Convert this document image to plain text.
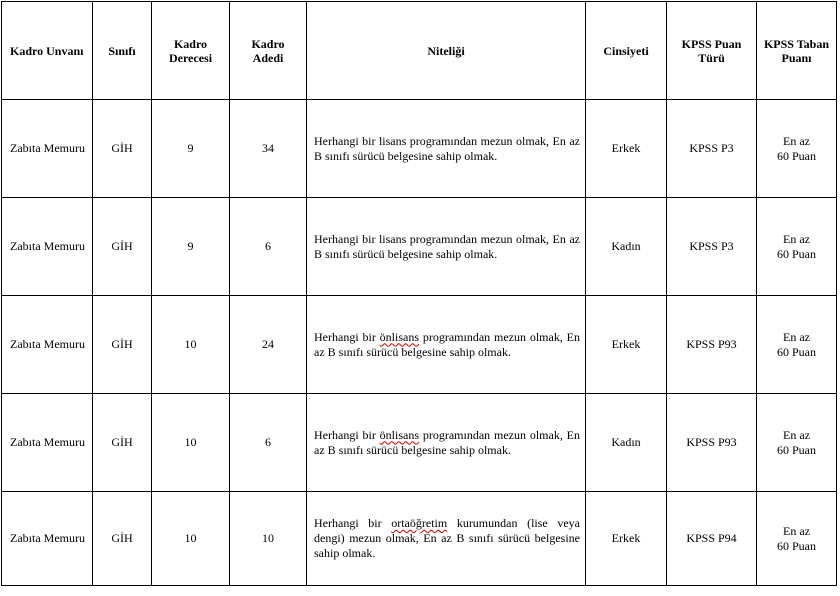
Kadro Unvanı	Sınıfı	Kadro Derecesi	Kadro Adedi	Niteliği	Cinsiyeti	KPSS Puan Türü	KPSS Taban Puanı
Zabıta Memuru	GİH	9	34	Herhangi bir lisans programından mezun olmak, En az B sınıfı sürücü belgesine sahip olmak.	Erkek	KPSS P3	En az
60 Puan
Zabıta Memuru	GİH	9	6	Herhangi bir lisans programından mezun olmak, En az B sınıfı sürücü belgesine sahip olmak.	Kadın	KPSS P3	En az
60 Puan
Zabıta Memuru	GİH	10	24	Herhangi bir önlisans programından mezun olmak, En az B sınıfı sürücü belgesine sahip olmak.	Erkek	KPSS P93	En az
60 Puan
Zabıta Memuru	GİH	10	6	Herhangi bir önlisans programından mezun olmak, En az B sınıfı sürücü belgesine sahip olmak.	Kadın	KPSS P93	En az
60 Puan
Zabıta Memuru	GİH	10	10	Herhangi bir ortaöğretim kurumundan (lise veya dengi) mezun olmak, En az B sınıfı sürücü belgesine sahip olmak.	Erkek	KPSS P94	En az
60 Puan
